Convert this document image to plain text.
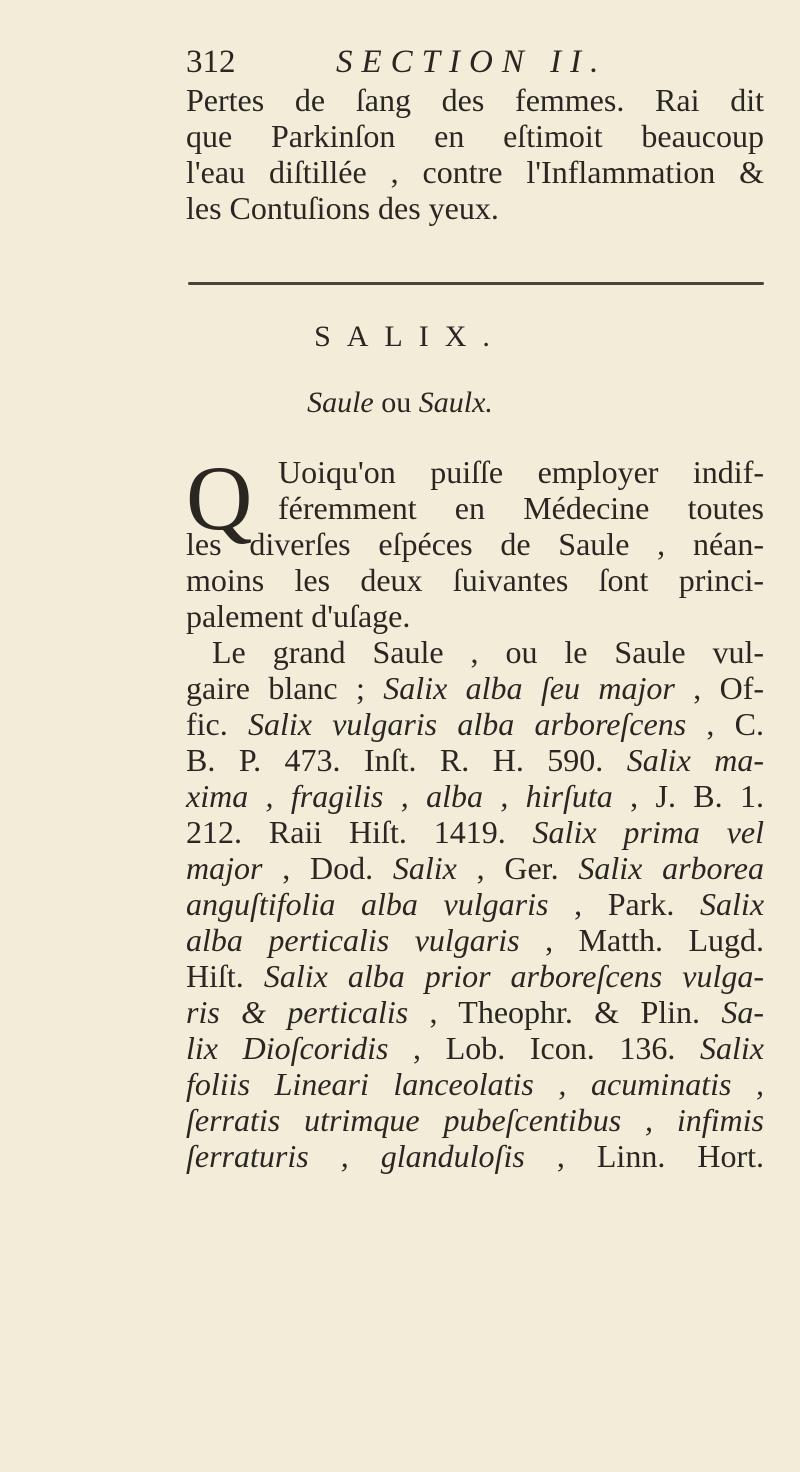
312	SECTION II.
Pertes de ſang des femmes. Rai dit
que Parkinſon en eſtimoit beaucoup
l'eau diſtillée , contre l'Inflammation &
les Contuſions des yeux.
SALIX.
Saule ou Saulx.
Q Uoiqu'on puiſſe employer indif-
féremment en Médecine toutes
les diverſes eſpéces de Saule , néan-
moins les deux ſuivantes ſont princi-
palement d'uſage.
Le grand Saule , ou le Saule vul-
gaire blanc ; Salix alba ſeu major , Of-
fic. Salix vulgaris alba arboreſcens , C.
B. P. 473. Inſt. R. H. 590. Salix ma-
xima , fragilis , alba , hirſuta , J. B. 1.
212. Raii Hiſt. 1419. Salix prima vel
major , Dod. Salix , Ger. Salix arborea
anguſtifolia alba vulgaris , Park. Salix
alba perticalis vulgaris , Matth. Lugd.
Hiſt. Salix alba prior arboreſcens vulga-
ris & perticalis , Theophr. & Plin. Sa-
lix Dioſcoridis , Lob. Icon. 136. Salix
foliis Lineari lanceolatis , acuminatis ,
ſerratis utrimque pubeſcentibus , infimis
ſerraturis , glanduloſis , Linn. Hort.
